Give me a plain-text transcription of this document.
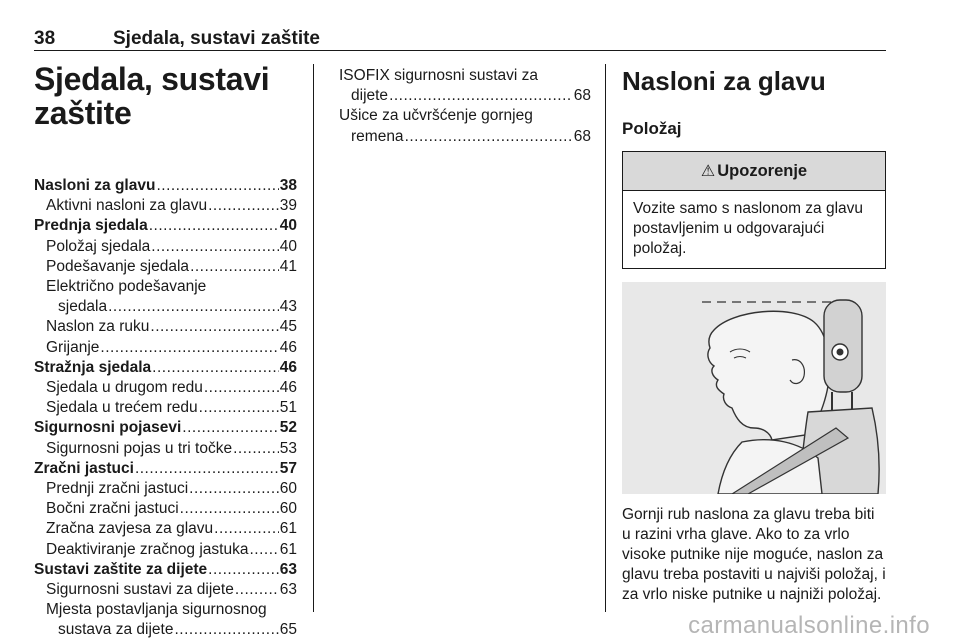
38	Sjedala, sustavi zaštite
Sjedala, sustavi
zaštite
Nasloni za glavu .....	38
Aktivni nasloni za glavu .....	39
Prednja sjedala .....	40
Položaj sjedala .....	40
Podešavanje sjedala .....	41
Električno podešavanje
sjedala .....	43
Naslon za ruku .....	45
Grijanje .....	46
Stražnja sjedala .....	46
Sjedala u drugom redu .....	46
Sjedala u trećem redu .....	51
Sigurnosni pojasevi .....	52
Sigurnosni pojas u tri točke .....	53
Zračni jastuci .....	57
Prednji zračni jastuci .....	60
Bočni zračni jastuci .....	60
Zračna zavjesa za glavu .....	61
Deaktiviranje zračnog jastuka ..... 61
Sustavi zaštite za dijete .....	63
Sigurnosni sustavi za dijete .....	63
Mjesta postavljanja sigurnosnog
sustava za dijete .....	65
ISOFIX sigurnosni sustavi za
dijete .....	68
Ušice za učvršćenje gornjeg
remena .....	68
Nasloni za glavu
Položaj
⚠ Upozorenje
Vozite samo s naslonom za glavu postavljenim u odgovarajući položaj.
Gornji rub naslona za glavu treba biti u razini vrha glave. Ako to za vrlo visoke putnike nije moguće, naslon za glavu treba postaviti u najviši položaj, i za vrlo niske putnike u najniži položaj.
carmanualsonline.info
